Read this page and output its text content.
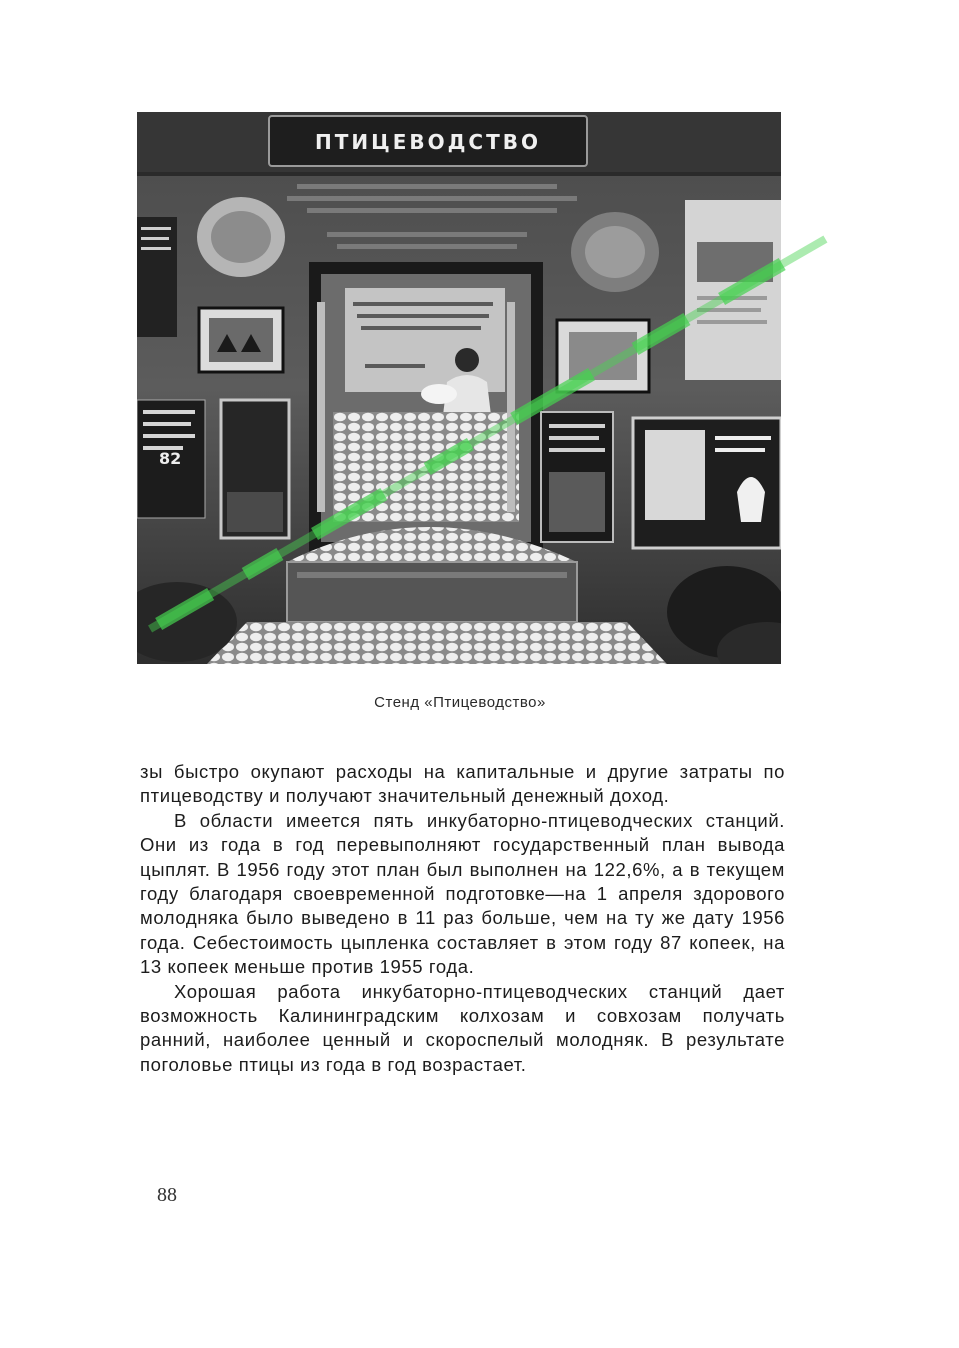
ПТИЦЕВОДСТВО
82
Стенд «Птицеводство»

зы быстро окупают расходы на капитальные и другие затраты по птицеводству и получают значительный денежный доход.

В области имеется пять инкубаторно-птицеводческих станций. Они из года в год перевыполняют государственный план вывода цыплят. В 1956 году этот план был выполнен на 122,6%, а в текущем году благодаря своевременной подготовке—на 1 апреля здорового молодняка было выведено в 11 раз больше, чем на ту же дату 1956 года. Себестоимость цыпленка составляет в этом году 87 копеек, на 13 копеек меньше против 1955 года.

Хорошая работа инкубаторно-птицеводческих станций дает возможность Калининградским колхозам и совхозам получать ранний, наиболее ценный и скороспелый молодняк. В результате поголовье птицы из года в год возрастает.

88
